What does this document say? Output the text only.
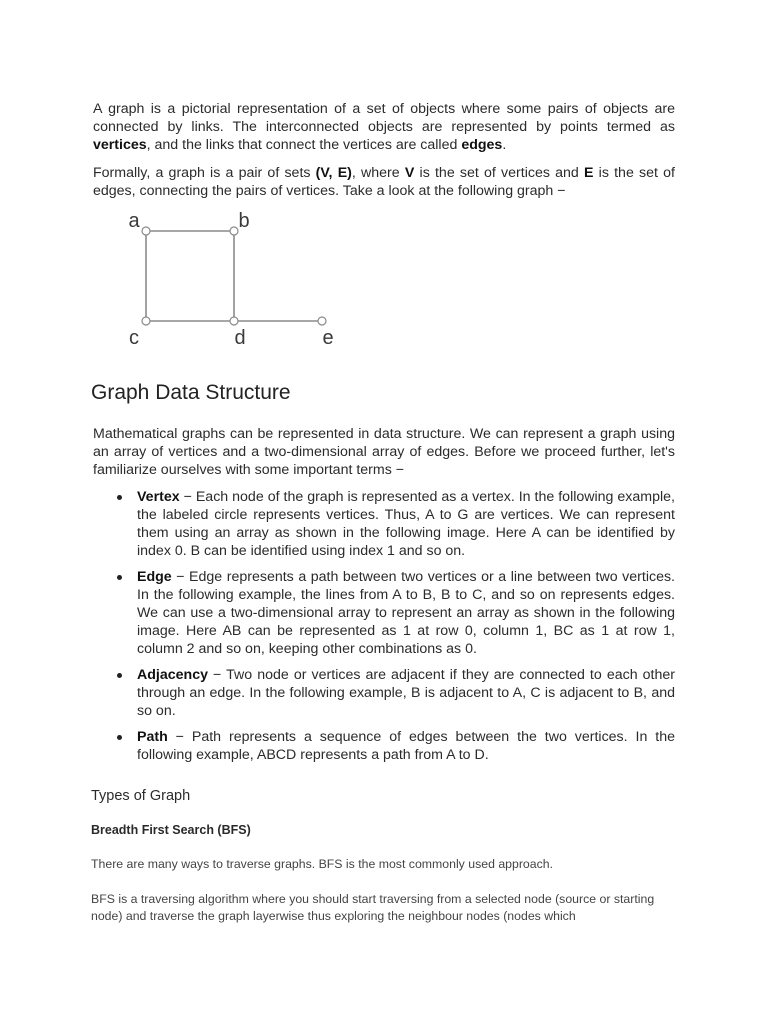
A graph is a pictorial representation of a set of objects where some pairs of objects are connected by links. The interconnected objects are represented by points termed as vertices, and the links that connect the vertices are called edges.

Formally, a graph is a pair of sets (V, E), where V is the set of vertices and E is the set of edges, connecting the pairs of vertices. Take a look at the following graph −

a	b
c	d	e
Graph Data Structure

Mathematical graphs can be represented in data structure. We can represent a graph using an array of vertices and a two-dimensional array of edges. Before we proceed further, let's familiarize ourselves with some important terms −

Vertex − Each node of the graph is represented as a vertex. In the following example, the labeled circle represents vertices. Thus, A to G are vertices. We can represent them using an array as shown in the following image. Here A can be identified by index 0. B can be identified using index 1 and so on.
Edge − Edge represents a path between two vertices or a line between two vertices. In the following example, the lines from A to B, B to C, and so on represents edges. We can use a two-dimensional array to represent an array as shown in the following image. Here AB can be represented as 1 at row 0, column 1, BC as 1 at row 1, column 2 and so on, keeping other combinations as 0.
Adjacency − Two node or vertices are adjacent if they are connected to each other through an edge. In the following example, B is adjacent to A, C is adjacent to B, and so on.
Path − Path represents a sequence of edges between the two vertices. In the following example, ABCD represents a path from A to D.
Types of Graph
Breadth First Search (BFS)

There are many ways to traverse graphs. BFS is the most commonly used approach.

BFS is a traversing algorithm where you should start traversing from a selected node (source or starting node) and traverse the graph layerwise thus exploring the neighbour nodes (nodes which
